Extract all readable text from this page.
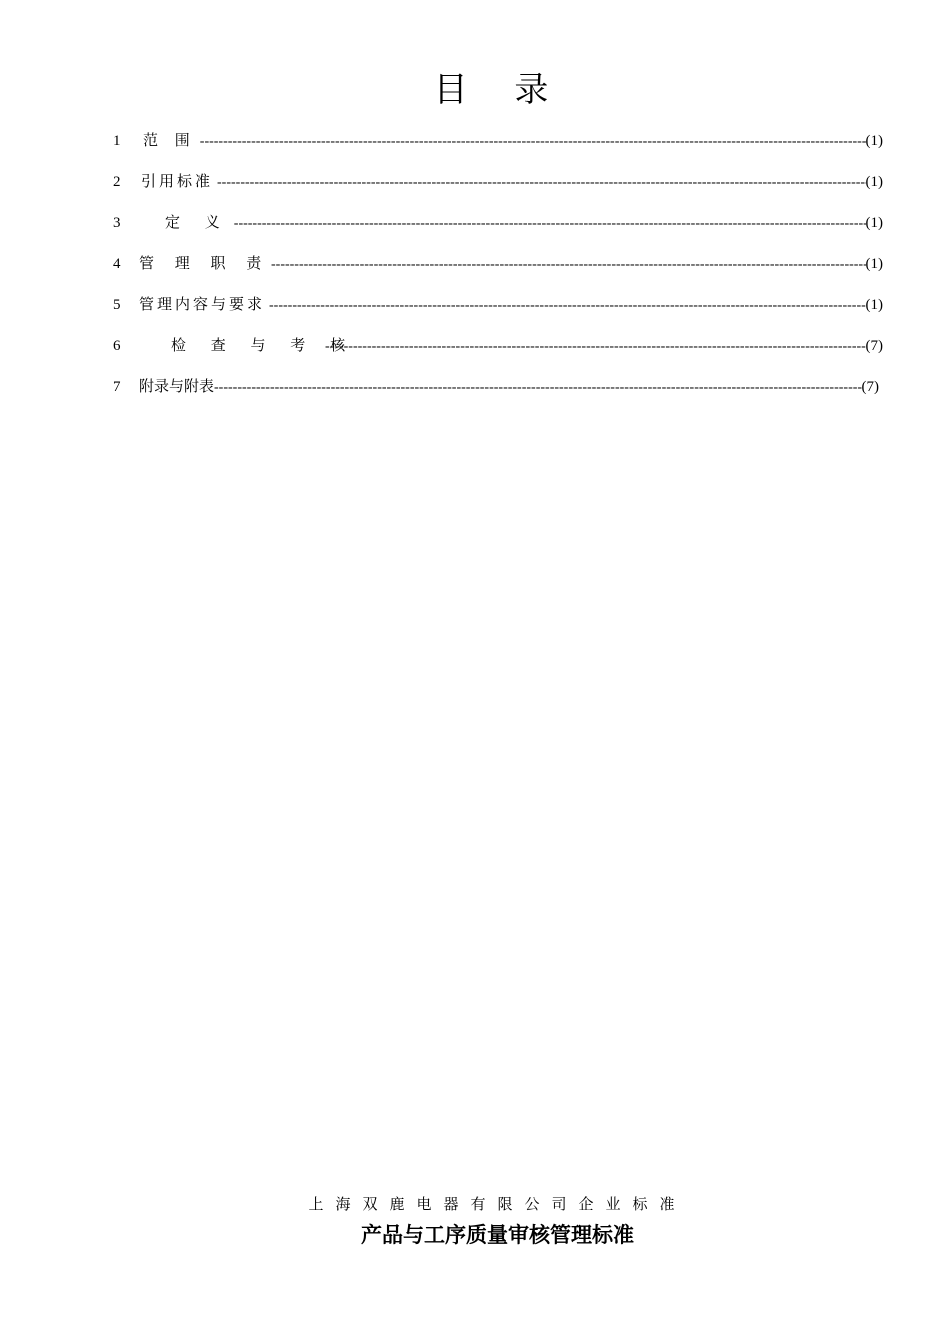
目 录
1	范 围 -----	(1)
2	引用标准 -----	(1)
3	定 义 -----	(1)
4	管 理 职 责 -----	(1)
5	管理内容与要求 -----	(1)
6	检 查 与 考 核 -----	(7)
7	附录与附表 -----	(7)
上海双鹿电器有限公司企业标准
产品与工序质量审核管理标准
